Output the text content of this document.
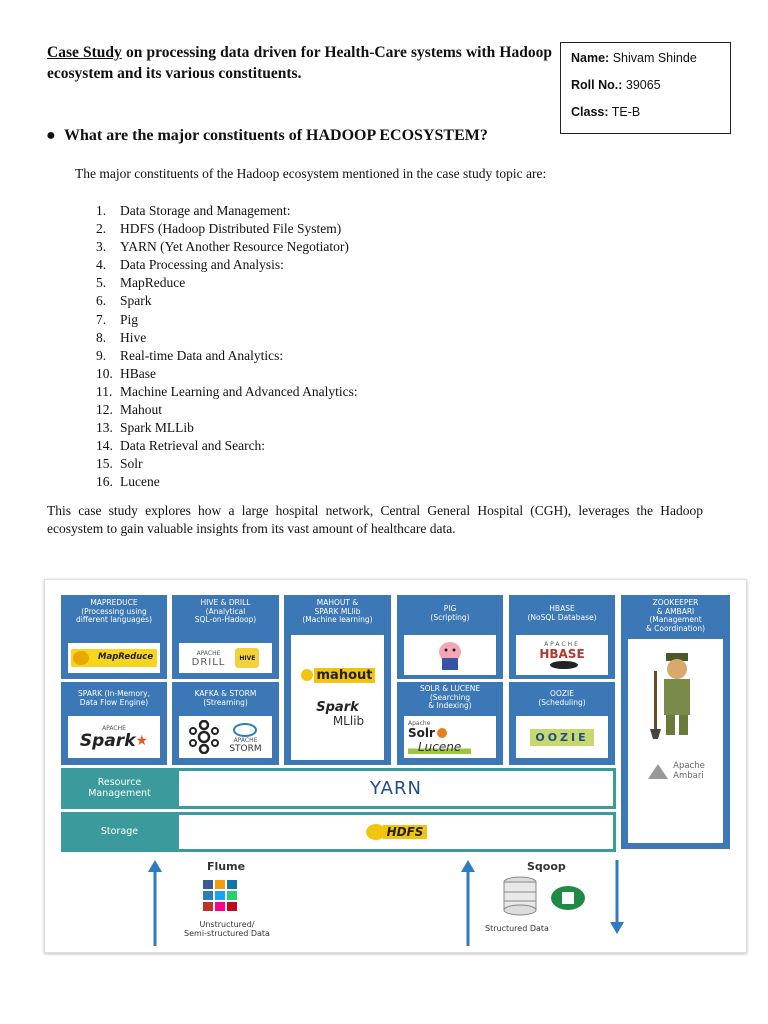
Case Study on processing data driven for Health-Care systems with Hadoop ecosystem and its various constituents.
Name: Shivam Shinde
Roll No.: 39065
Class: TE-B
● What are the major constituents of HADOOP ECOSYSTEM?
The major constituents of the Hadoop ecosystem mentioned in the case study topic are:
1. Data Storage and Management:
2. HDFS (Hadoop Distributed File System)
3. YARN (Yet Another Resource Negotiator)
4. Data Processing and Analysis:
5. MapReduce
6. Spark
7. Pig
8. Hive
9. Real-time Data and Analytics:
10. HBase
11. Machine Learning and Advanced Analytics:
12. Mahout
13. Spark MLLib
14. Data Retrieval and Search:
15. Solr
16. Lucene
This case study explores how a large hospital network, Central General Hospital (CGH), leverages the Hadoop ecosystem to gain valuable insights from its vast amount of healthcare data.
MAPREDUCE
(Processing using
different languages)
MapReduce
HIVE & DRILL
(Analytical
SQL-on-Hadoop)
APACHE
DRILL HIVE
MAHOUT &
SPARK MLlib
(Machine learning)
mahout
Spark
MLlib
PIG
(Scripting)
HBASE
(NoSQL Database)
APACHE
HBASE
ZOOKEEPER
& AMBARI
(Management
& Coordination)
Apache
Ambari
SPARK (In-Memory,
Data Flow Engine)
APACHE
Spark ★
KAFKA & STORM
(Streaming)
APACHE
STORM
SOLR & LUCENE
(Searching
& Indexing)
Apache
Solr
Lucene
OOZIE
(Scheduling)
OOZIE
Resource
Management	YARN
Storage	HDFS
Flume
Unstructured/
Semi-structured Data
Sqoop
Structured Data
